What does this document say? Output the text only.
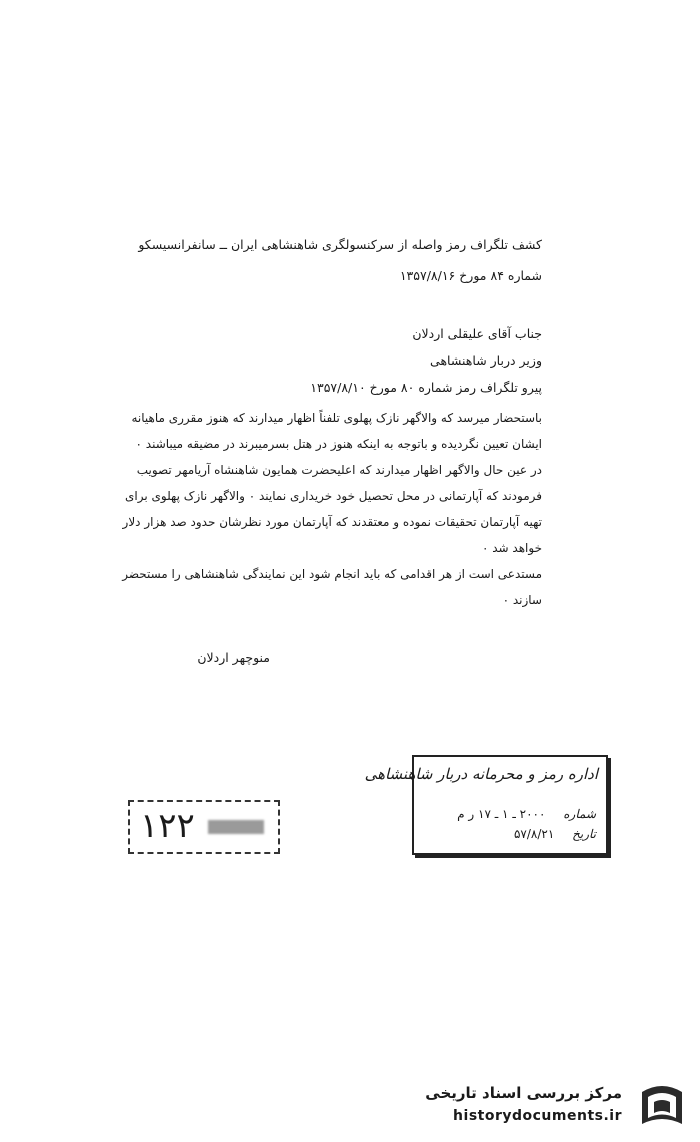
کشف تلگراف رمز واصله از سرکنسولگری شاهنشاهی ایران ــ سانفرانسیسکو
شماره ۸۴ مورخ ۱۳۵۷/۸/۱۶
جناب آقای علیقلی اردلان
وزیر دربار شاهنشاهی
پیرو تلگراف رمز شماره ۸۰ مورخ ۱۳۵۷/۸/۱۰

باستحضار میرسد که والاگهر نازک پهلوی تلفناً اظهار میدارند که هنوز مقرری ماهیانه ایشان تعیین نگردیده و باتوجه به اینکه هنوز در هتل بسرمیبرند در مضیقه میباشند ۰ در عین حال والاگهر اظهار میدارند که اعلیحضرت همایون شاهنشاه آریامهر تصویب فرمودند که آپارتمانی در محل تحصیل خود خریداری نمایند ۰ والاگهر نازک پهلوی برای تهیه آپارتمان تحقیقات نموده و معتقدند که آپارتمان مورد نظرشان حدود صد هزار دلار خواهد شد ۰

مستدعی است از هر اقدامی که باید انجام شود این نمایندگی شاهنشاهی را مستحضر سازند ۰

منوچهر اردلان
اداره رمز و محرمانه دربار شاهنشاهی
شماره ۲۰۰۰ ـ ۱ ـ ۱۷ ر م
تاریخ ۵۷/۸/۲۱
۱۲۲
مرکز بررسی اسناد تاریخی
historydocuments.ir
